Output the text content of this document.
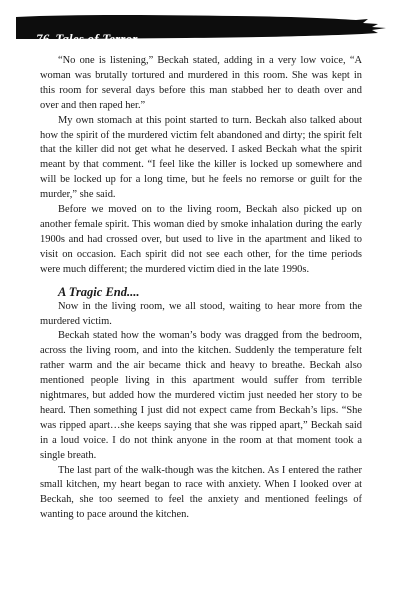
76 Tales of Terror

“No one is listening,” Beckah stated, adding in a very low voice, “A woman was brutally tortured and murdered in this room. She was kept in this room for several days before this man stabbed her to death over and over and then raped her.”

My own stomach at this point started to turn. Beckah also talked about how the spirit of the murdered victim felt abandoned and dirty; the spirit felt that the killer did not get what he deserved. I asked Beckah what the spirit meant by that comment. “I feel like the killer is locked up somewhere and will be locked up for a long time, but he feels no remorse or guilt for the murder,” she said.

Before we moved on to the living room, Beckah also picked up on another female spirit. This woman died by smoke inhalation during the early 1900s and had crossed over, but used to live in the apartment and liked to visit on occasion. Each spirit did not see each other, for the time periods were much different; the murdered victim died in the late 1990s.

A Tragic End....

Now in the living room, we all stood, waiting to hear more from the murdered victim.

Beckah stated how the woman’s body was dragged from the bedroom, across the living room, and into the kitchen. Suddenly the temperature felt rather warm and the air became thick and heavy to breathe. Beckah also mentioned people living in this apartment would suffer from terrible nightmares, but added how the murdered victim just needed her story to be heard. Then something I just did not expect came from Beckah’s lips. “She was ripped apart…she keeps saying that she was ripped apart,” Beckah said in a loud voice. I do not think anyone in the room at that moment took a single breath.

The last part of the walk-though was the kitchen. As I entered the rather small kitchen, my heart began to race with anxiety. When I looked over at Beckah, she too seemed to feel the anxiety and mentioned feelings of wanting to pace around the kitchen.
